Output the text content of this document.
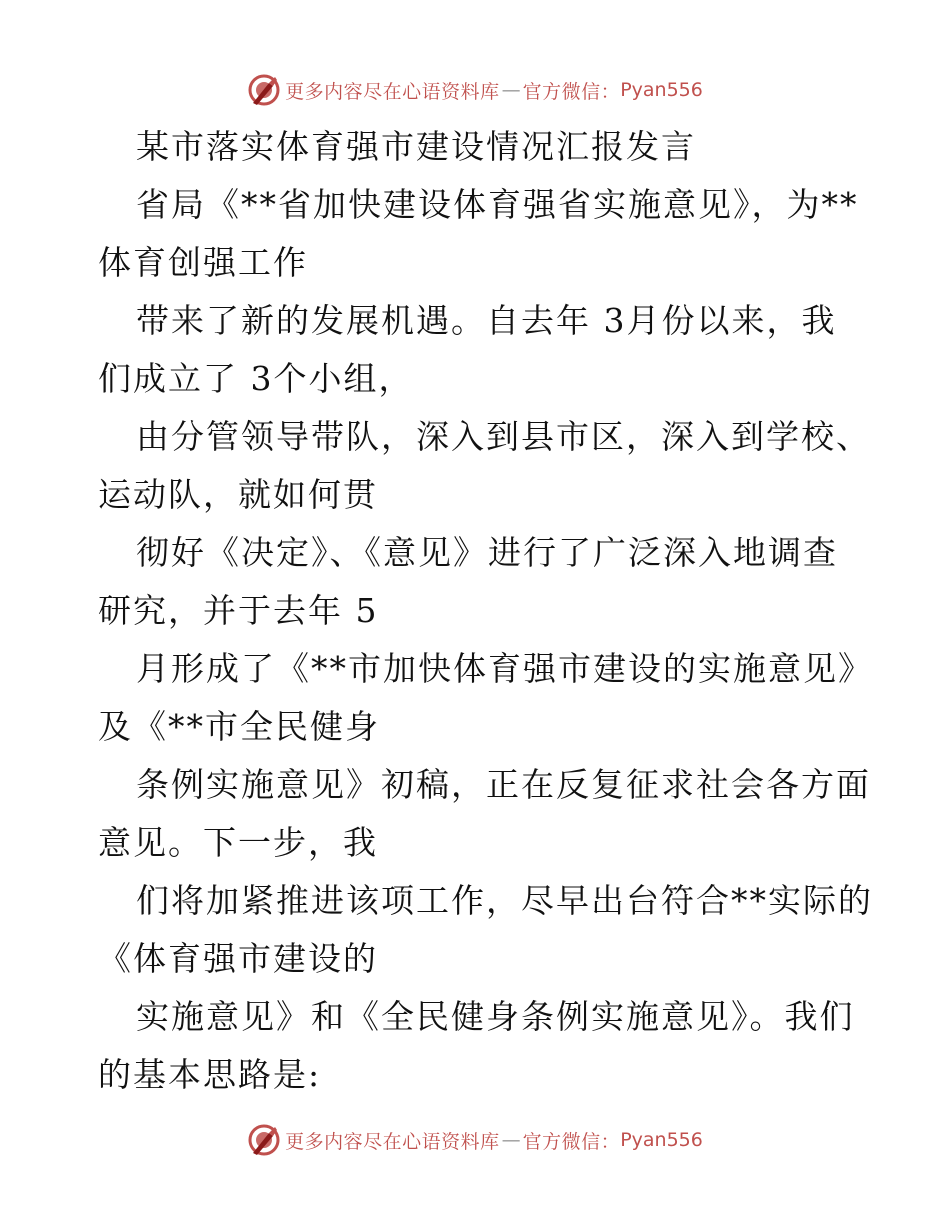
更多内容尽在心语资料库 — 官方微信： Pyan556
某市落实体育强市建设情况汇报发言
省局《**省加快建设体育强省实施意见》，为**
体育创强工作
带来了新的发展机遇。自去年 3月份以来，我
们成立了 3个小组，
由分管领导带队，深入到县市区，深入到学校、
运动队，就如何贯
彻好《决定》、《意见》进行了广泛深入地调查
研究，并于去年 5
月形成了《**市加快体育强市建设的实施意见》
及《**市全民健身
条例实施意见》初稿，正在反复征求社会各方面
意见。下一步，我
们将加紧推进该项工作，尽早出台符合**实际的
《体育强市建设的
实施意见》和《全民健身条例实施意见》。我们
的基本思路是:
更多内容尽在心语资料库 — 官方微信： Pyan556
